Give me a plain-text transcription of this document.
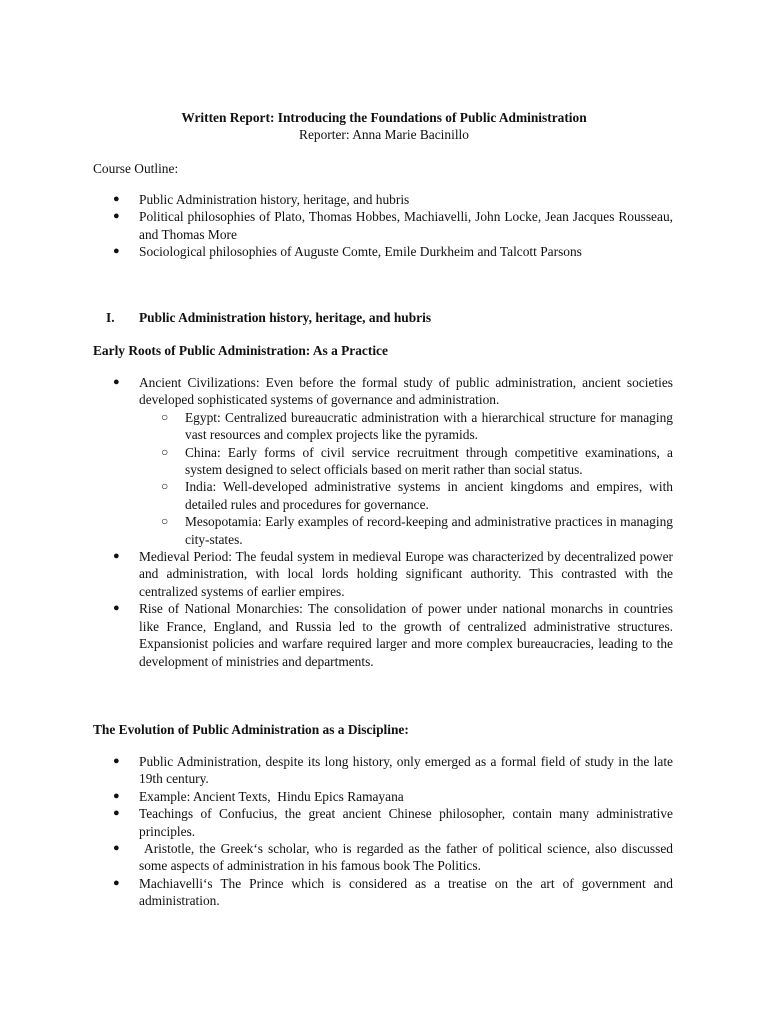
Written Report: Introducing the Foundations of Public Administration
Reporter: Anna Marie Bacinillo
Course Outline:
● Public Administration history, heritage, and hubris
● Political philosophies of Plato, Thomas Hobbes, Machiavelli, John Locke, Jean Jacques Rousseau, and Thomas More
● Sociological philosophies of Auguste Comte, Emile Durkheim and Talcott Parsons
I. Public Administration history, heritage, and hubris
Early Roots of Public Administration: As a Practice
● Ancient Civilizations: Even before the formal study of public administration, ancient societies developed sophisticated systems of governance and administration.
○ Egypt: Centralized bureaucratic administration with a hierarchical structure for managing vast resources and complex projects like the pyramids.
○ China: Early forms of civil service recruitment through competitive examinations, a system designed to select officials based on merit rather than social status.
○ India: Well-developed administrative systems in ancient kingdoms and empires, with detailed rules and procedures for governance.
○ Mesopotamia: Early examples of record-keeping and administrative practices in managing city-states.
● Medieval Period: The feudal system in medieval Europe was characterized by decentralized power and administration, with local lords holding significant authority. This contrasted with the centralized systems of earlier empires.
● Rise of National Monarchies: The consolidation of power under national monarchs in countries like France, England, and Russia led to the growth of centralized administrative structures. Expansionist policies and warfare required larger and more complex bureaucracies, leading to the development of ministries and departments.
The Evolution of Public Administration as a Discipline:
● Public Administration, despite its long history, only emerged as a formal field of study in the late 19th century.
● Example: Ancient Texts,  Hindu Epics Ramayana
● Teachings of Confucius, the great ancient Chinese philosopher, contain many administrative principles.
● Aristotle, the Greek‘s scholar, who is regarded as the father of political science, also discussed some aspects of administration in his famous book The Politics.
● Machiavelli‘s The Prince which is considered as a treatise on the art of government and administration.
